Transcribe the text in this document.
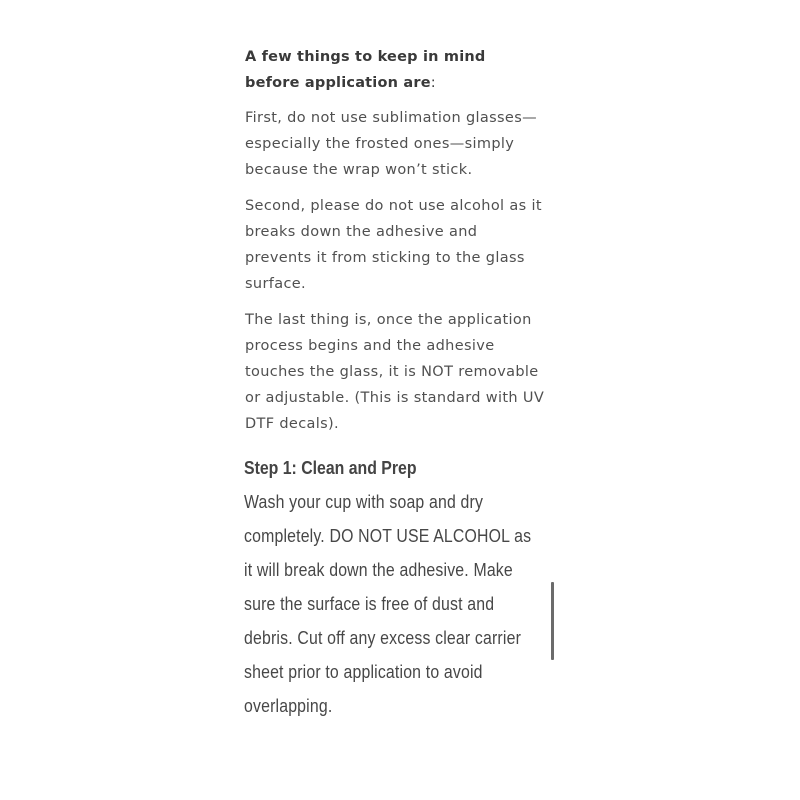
A few things to keep in mind before application are:

First, do not use sublimation glasses—especially the frosted ones—simply because the wrap won’t stick.

Second, please do not use alcohol as it breaks down the adhesive and prevents it from sticking to the glass surface.

The last thing is, once the application process begins and the adhesive touches the glass, it is NOT removable or adjustable. (This is standard with UV DTF decals).

Step 1: Clean and Prep
Wash your cup with soap and dry completely. DO NOT USE ALCOHOL as it will break down the adhesive. Make sure the surface is free of dust and debris. Cut off any excess clear carrier sheet prior to application to avoid overlapping.
